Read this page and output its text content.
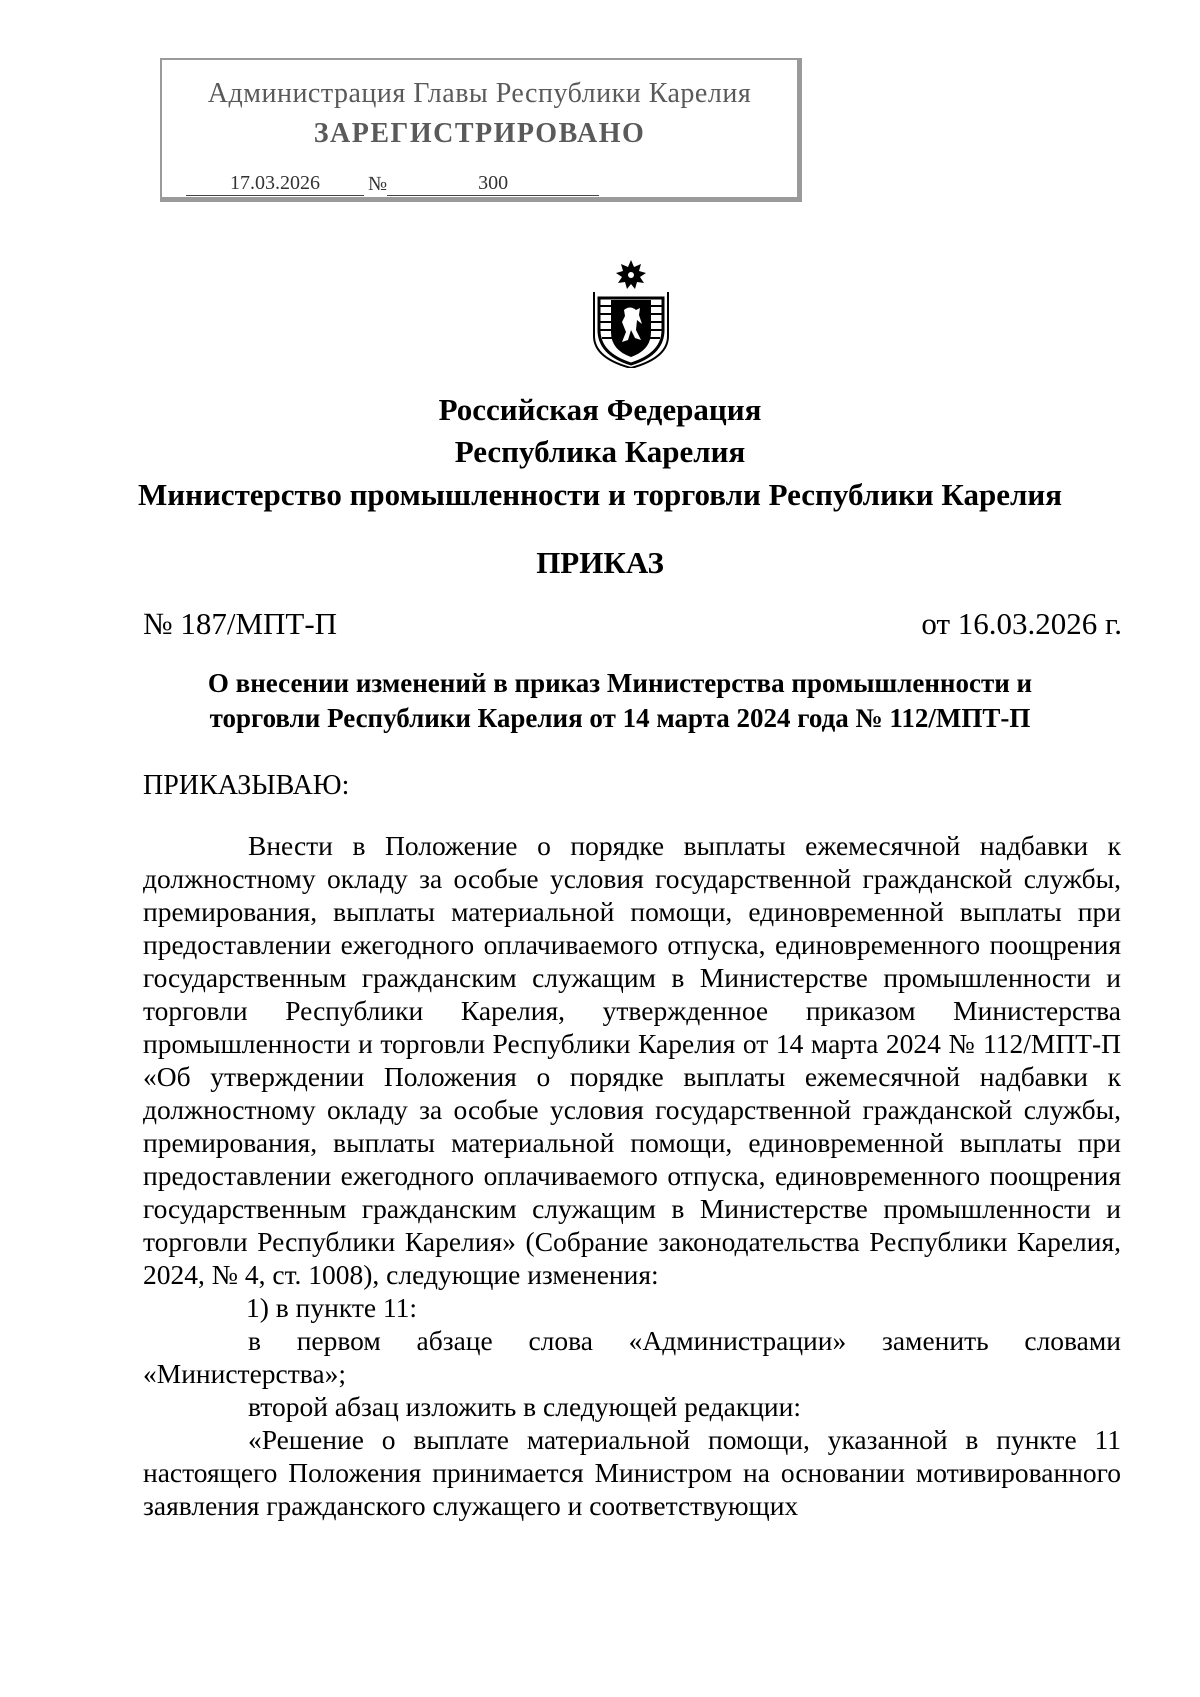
Администрация Главы Республики Карелия
ЗАРЕГИСТРИРОВАНО
17.03.2026	№	300
Российская Федерация
Республика Карелия
Министерство промышленности и торговли Республики Карелия
ПРИКАЗ
№ 187/МПТ-П	от 16.03.2026 г.
О внесении изменений в приказ Министерства промышленности и
торговли Республики Карелия от 14 марта 2024 года № 112/МПТ-П
ПРИКАЗЫВАЮ:

Внести в Положение о порядке выплаты ежемесячной надбавки к должностному окладу за особые условия государственной гражданской службы, премирования, выплаты материальной помощи, единовременной выплаты при предоставлении ежегодного оплачиваемого отпуска, единовременного поощрения государственным гражданским служащим в Министерстве промышленности и торговли Республики Карелия, утвержденное приказом Министерства промышленности и торговли Республики Карелия от 14 марта 2024 № 112/МПТ-П «Об утверждении Положения о порядке выплаты ежемесячной надбавки к должностному окладу за особые условия государственной гражданской службы, премирования, выплаты материальной помощи, единовременной выплаты при предоставлении ежегодного оплачиваемого отпуска, единовременного поощрения государственным гражданским служащим в Министерстве промышленности и торговли Республики Карелия» (Собрание законодательства Республики Карелия, 2024, № 4, ст. 1008), следующие изменения:

1) в пункте 11:

в первом абзаце слова «Администрации» заменить словами «Министерства»;

второй абзац изложить в следующей редакции:

«Решение о выплате материальной помощи, указанной в пункте 11 настоящего Положения принимается Министром на основании мотивированного заявления гражданского служащего и соответствующих
